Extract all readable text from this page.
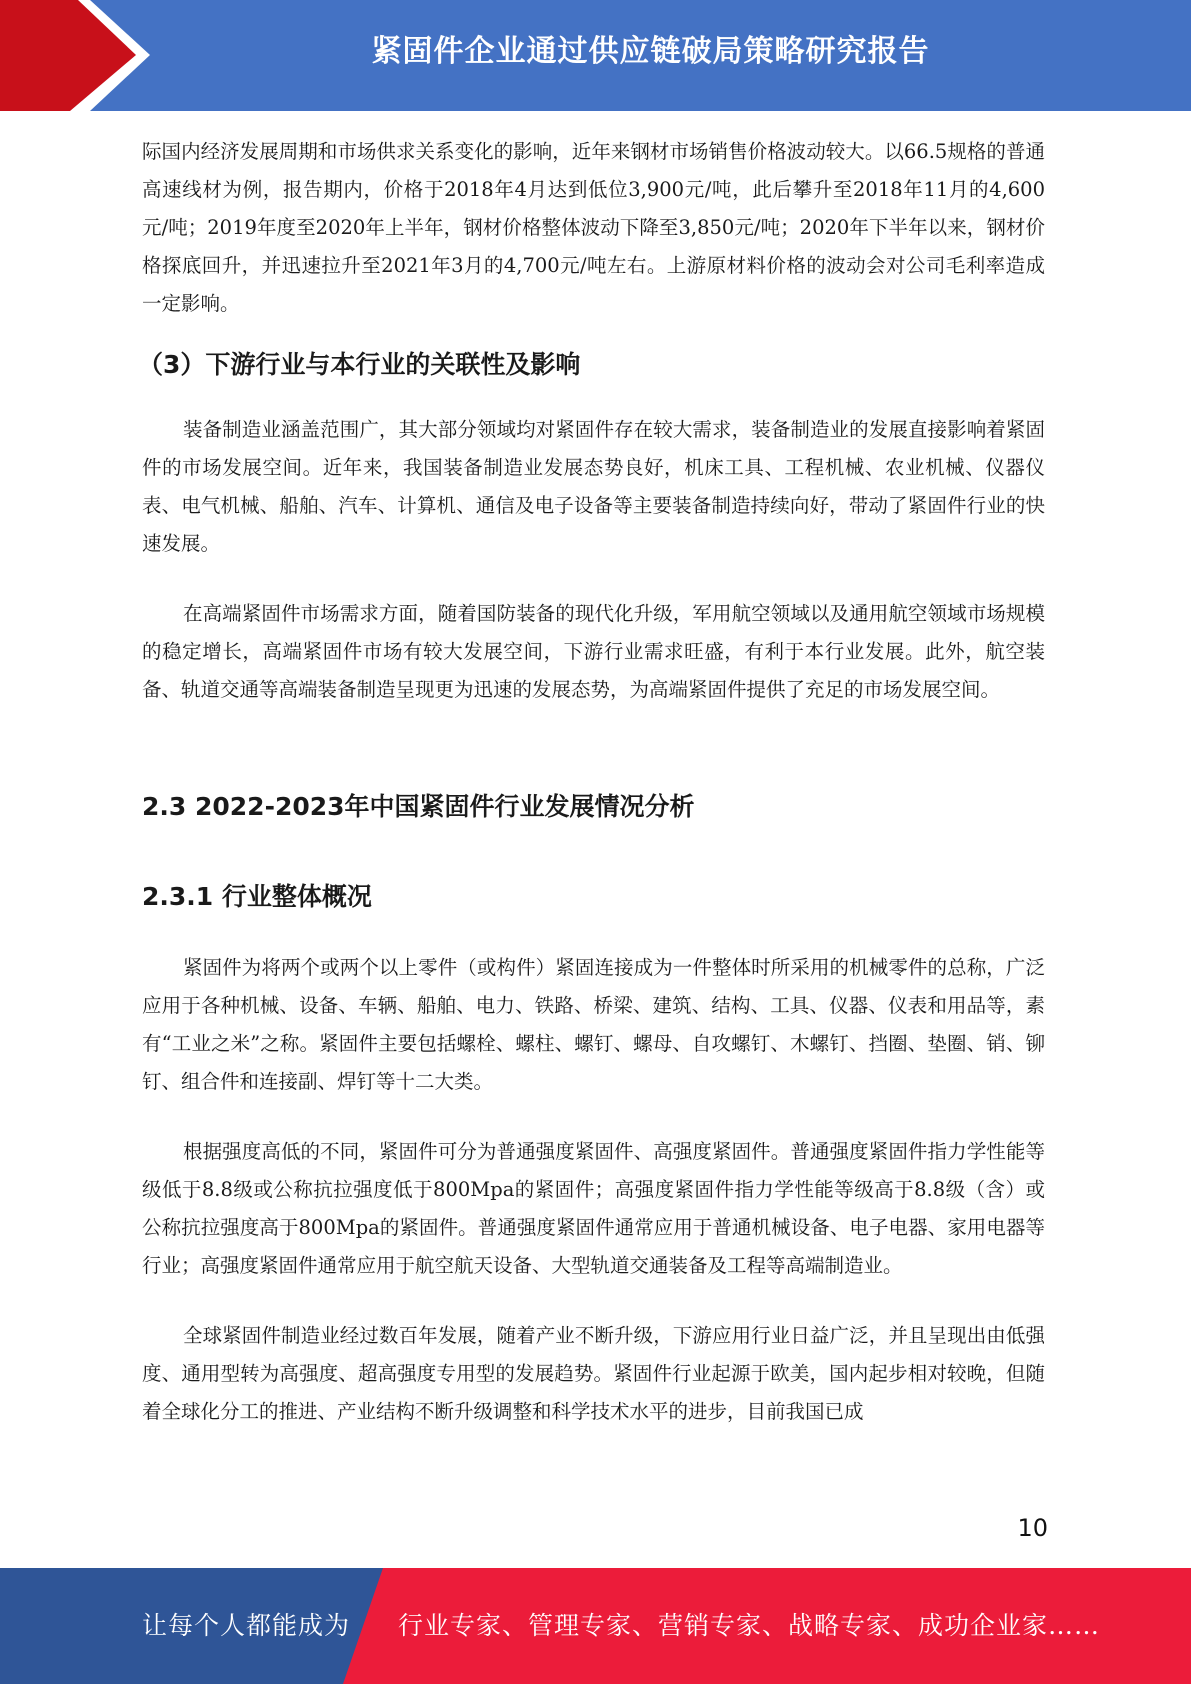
紧固件企业通过供应链破局策略研究报告

际国内经济发展周期和市场供求关系变化的影响，近年来钢材市场销售价格波动较大。以66.5规格的普通高速线材为例，报告期内，价格于2018年4月达到低位3,900元/吨，此后攀升至2018年11月的4,600元/吨；2019年度至2020年上半年，钢材价格整体波动下降至3,850元/吨；2020年下半年以来，钢材价格探底回升，并迅速拉升至2021年3月的4,700元/吨左右。上游原材料价格的波动会对公司毛利率造成一定影响。

（3）下游行业与本行业的关联性及影响

装备制造业涵盖范围广，其大部分领域均对紧固件存在较大需求，装备制造业的发展直接影响着紧固件的市场发展空间。近年来，我国装备制造业发展态势良好，机床工具、工程机械、农业机械、仪器仪表、电气机械、船舶、汽车、计算机、通信及电子设备等主要装备制造持续向好，带动了紧固件行业的快速发展。

在高端紧固件市场需求方面，随着国防装备的现代化升级，军用航空领域以及通用航空领域市场规模的稳定增长，高端紧固件市场有较大发展空间，下游行业需求旺盛，有利于本行业发展。此外，航空装备、轨道交通等高端装备制造呈现更为迅速的发展态势，为高端紧固件提供了充足的市场发展空间。

2.3 2022-2023年中国紧固件行业发展情况分析
2.3.1 行业整体概况

紧固件为将两个或两个以上零件（或构件）紧固连接成为一件整体时所采用的机械零件的总称，广泛应用于各种机械、设备、车辆、船舶、电力、铁路、桥梁、建筑、结构、工具、仪器、仪表和用品等，素有“工业之米”之称。紧固件主要包括螺栓、螺柱、螺钉、螺母、自攻螺钉、木螺钉、挡圈、垫圈、销、铆钉、组合件和连接副、焊钉等十二大类。

根据强度高低的不同，紧固件可分为普通强度紧固件、高强度紧固件。普通强度紧固件指力学性能等级低于8.8级或公称抗拉强度低于800Mpa的紧固件；高强度紧固件指力学性能等级高于8.8级（含）或公称抗拉强度高于800Mpa的紧固件。普通强度紧固件通常应用于普通机械设备、电子电器、家用电器等行业；高强度紧固件通常应用于航空航天设备、大型轨道交通装备及工程等高端制造业。

全球紧固件制造业经过数百年发展，随着产业不断升级，下游应用行业日益广泛，并且呈现出由低强度、通用型转为高强度、超高强度专用型的发展趋势。紧固件行业起源于欧美，国内起步相对较晚，但随着全球化分工的推进、产业结构不断升级调整和科学技术水平的进步，目前我国已成

10
让每个人都能成为 行业专家、管理专家、营销专家、战略专家、成功企业家……
